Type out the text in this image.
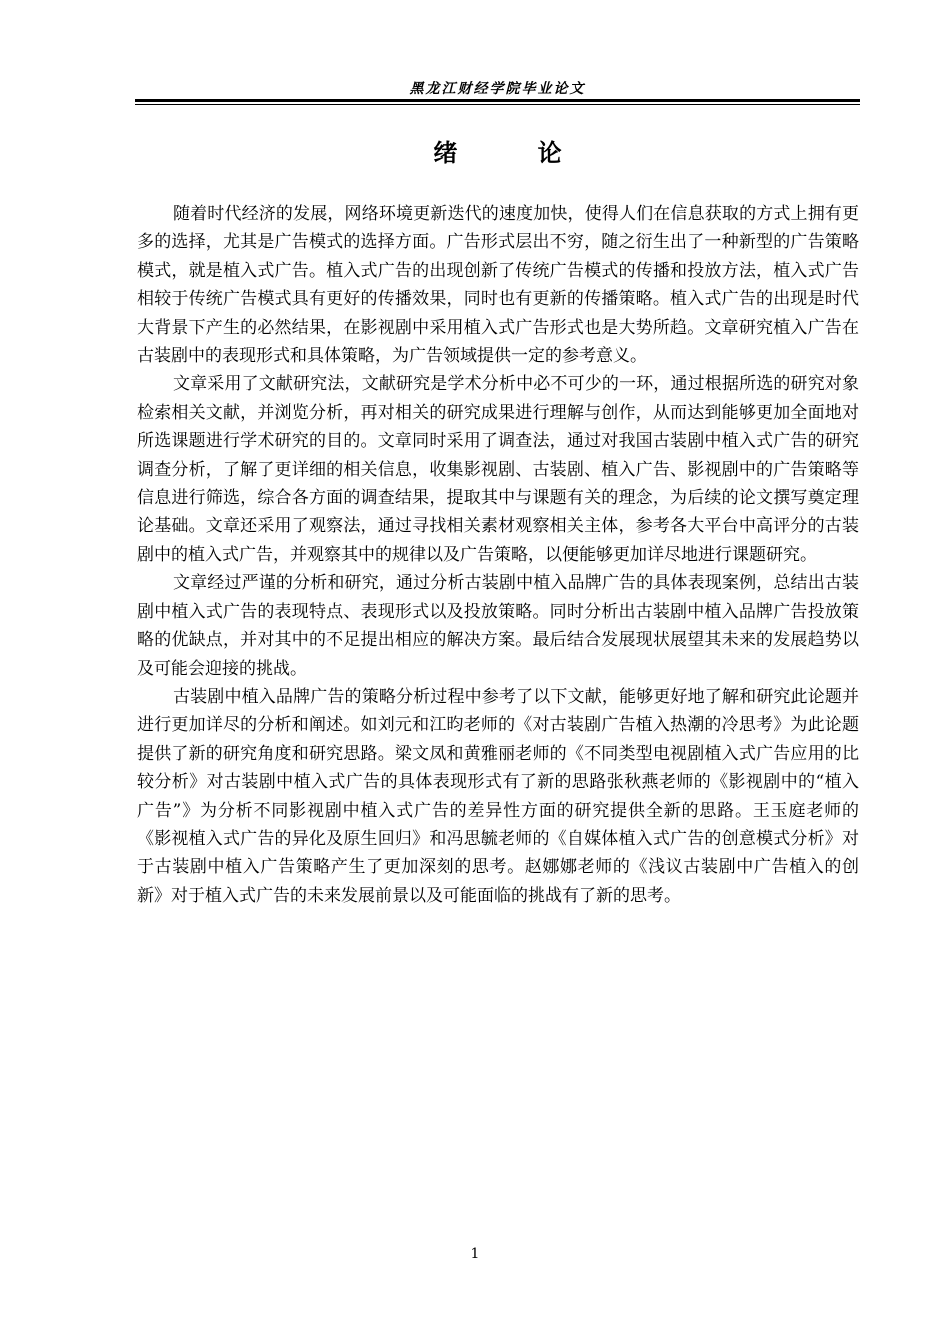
黑龙江财经学院毕业论文
绪 论

随着时代经济的发展，网络环境更新迭代的速度加快，使得人们在信息获取的方式上拥有更多的选择，尤其是广告模式的选择方面。广告形式层出不穷，随之衍生出了一种新型的广告策略模式，就是植入式广告。植入式广告的出现创新了传统广告模式的传播和投放方法，植入式广告相较于传统广告模式具有更好的传播效果，同时也有更新的传播策略。植入式广告的出现是时代大背景下产生的必然结果，在影视剧中采用植入式广告形式也是大势所趋。文章研究植入广告在古装剧中的表现形式和具体策略，为广告领域提供一定的参考意义。

文章采用了文献研究法，文献研究是学术分析中必不可少的一环，通过根据所选的研究对象检索相关文献，并浏览分析，再对相关的研究成果进行理解与创作，从而达到能够更加全面地对所选课题进行学术研究的目的。文章同时采用了调查法，通过对我国古装剧中植入式广告的研究调查分析，了解了更详细的相关信息，收集影视剧、古装剧、植入广告、影视剧中的广告策略等信息进行筛选，综合各方面的调查结果，提取其中与课题有关的理念，为后续的论文撰写奠定理论基础。文章还采用了观察法，通过寻找相关素材观察相关主体，参考各大平台中高评分的古装剧中的植入式广告，并观察其中的规律以及广告策略，以便能够更加详尽地进行课题研究。

文章经过严谨的分析和研究，通过分析古装剧中植入品牌广告的具体表现案例，总结出古装剧中植入式广告的表现特点、表现形式以及投放策略。同时分析出古装剧中植入品牌广告投放策略的优缺点，并对其中的不足提出相应的解决方案。最后结合发展现状展望其未来的发展趋势以及可能会迎接的挑战。

古装剧中植入品牌广告的策略分析过程中参考了以下文献，能够更好地了解和研究此论题并进行更加详尽的分析和阐述。如刘元和江昀老师的《对古装剧广告植入热潮的冷思考》为此论题提供了新的研究角度和研究思路。梁文凤和黄雅丽老师的《不同类型电视剧植入式广告应用的比较分析》对古装剧中植入式广告的具体表现形式有了新的思路张秋燕老师的《影视剧中的“植入广告”》为分析不同影视剧中植入式广告的差异性方面的研究提供全新的思路。王玉庭老师的《影视植入式广告的异化及原生回归》和冯思毓老师的《自媒体植入式广告的创意模式分析》对于古装剧中植入广告策略产生了更加深刻的思考。赵娜娜老师的《浅议古装剧中广告植入的创新》对于植入式广告的未来发展前景以及可能面临的挑战有了新的思考。

1
